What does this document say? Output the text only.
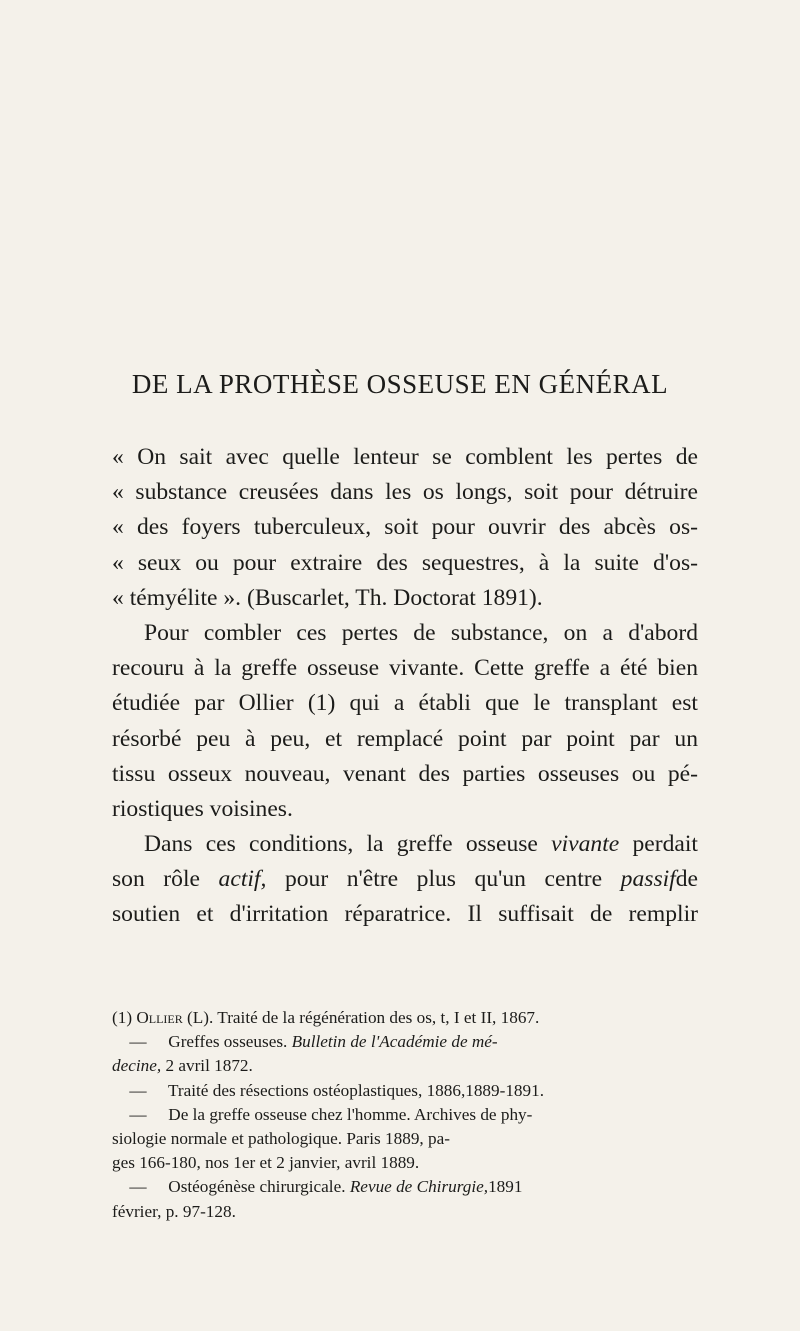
DE LA PROTHÈSE OSSEUSE EN GÉNÉRAL
« On sait avec quelle lenteur se comblent les pertes de
« substance creusées dans les os longs, soit pour détruire
« des foyers tuberculeux, soit pour ouvrir des abcès os-
« seux ou pour extraire des sequestres, à la suite d'os-
« témyélite ». (Buscarlet, Th. Doctorat 1891).
Pour combler ces pertes de substance, on a d'abord
recouru à la greffe osseuse vivante. Cette greffe a été bien
étudiée par Ollier (1) qui a établi que le transplant est
résorbé peu à peu, et remplacé point par point par un
tissu osseux nouveau, venant des parties osseuses ou pé-
riostiques voisines.
Dans ces conditions, la greffe osseuse vivante perdait
son rôle actif, pour n'être plus qu'un centre passifde
soutien et d'irritation réparatrice. Il suffisait de remplir
(1) Ollier (L). Traité de la régénération des os, t, I et II, 1867.
— Greffes osseuses. Bulletin de l'Académie de mé-
decine, 2 avril 1872.
— Traité des résections ostéoplastiques, 1886,1889-1891.
— De la greffe osseuse chez l'homme. Archives de phy-
siologie normale et pathologique. Paris 1889, pa-
ges 166-180, nos 1er et 2 janvier, avril 1889.
— Ostéogénèse chirurgicale. Revue de Chirurgie,1891
février, p. 97-128.
